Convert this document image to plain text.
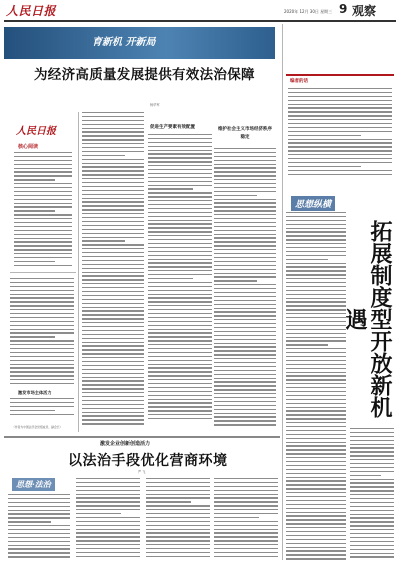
人民日报	2020年 12月 30日 星期三 9 观察
育新机 开新局
为经济高质量发展提供有效法治保障
杨华军
人民日报
核心阅读
激发市场主体活力
（作者为中国法学会党组成员、副会长）
促进生产要素有效配置	维护社会主义市场经济秩序稳定
编者的话
思想纵横
拓展制度型开放新机遇
激发企业创新创造活力
以法治手段优化营商环境
严 飞
思想·法治
